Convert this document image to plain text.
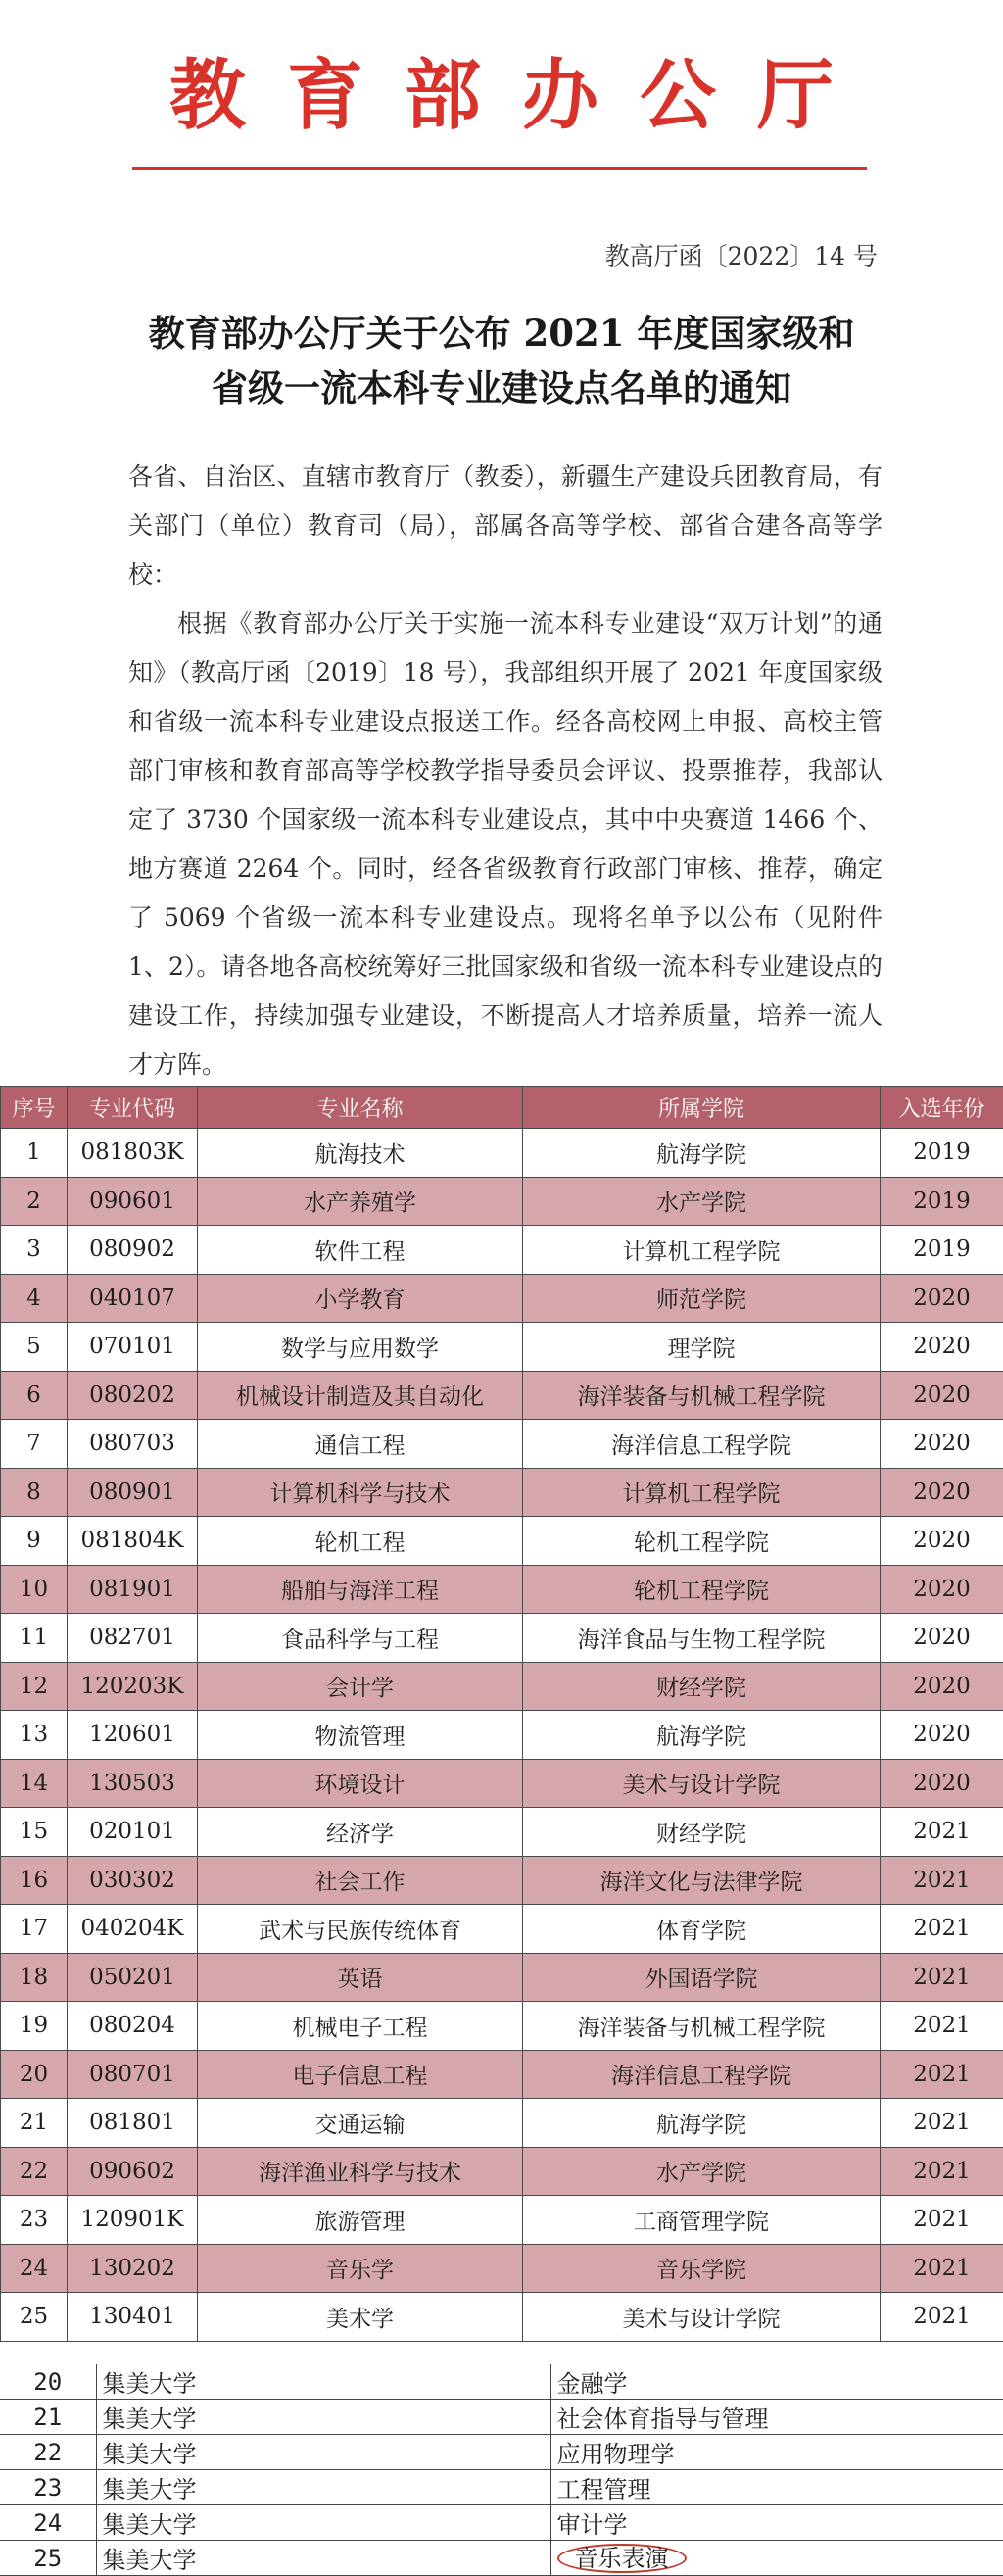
教育部办公厅
教高厅函〔2022〕14 号
教育部办公厅关于公布 2021 年度国家级和
省级一流本科专业建设点名单的通知

各省、自治区、直辖市教育厅（教委），新疆生产建设兵团教育局，有关部门（单位）教育司（局），部属各高等学校、部省合建各高等学校：

根据《教育部办公厅关于实施一流本科专业建设“双万计划”的通知》（教高厅函〔2019〕18 号），我部组织开展了 2021 年度国家级和省级一流本科专业建设点报送工作。经各高校网上申报、高校主管部门审核和教育部高等学校教学指导委员会评议、投票推荐，我部认定了 3730 个国家级一流本科专业建设点，其中中央赛道 1466 个、地方赛道 2264 个。同时，经各省级教育行政部门审核、推荐，确定了 5069 个省级一流本科专业建设点。现将名单予以公布（见附件 1、2）。请各地各高校统筹好三批国家级和省级一流本科专业建设点的建设工作，持续加强专业建设，不断提高人才培养质量，培养一流人才方阵。

序号	专业代码	专业名称	所属学院	入选年份
1	081803K	航海技术	航海学院	2019
2	090601	水产养殖学	水产学院	2019
3	080902	软件工程	计算机工程学院	2019
4	040107	小学教育	师范学院	2020
5	070101	数学与应用数学	理学院	2020
6	080202	机械设计制造及其自动化	海洋装备与机械工程学院	2020
7	080703	通信工程	海洋信息工程学院	2020
8	080901	计算机科学与技术	计算机工程学院	2020
9	081804K	轮机工程	轮机工程学院	2020
10	081901	船舶与海洋工程	轮机工程学院	2020
11	082701	食品科学与工程	海洋食品与生物工程学院	2020
12	120203K	会计学	财经学院	2020
13	120601	物流管理	航海学院	2020
14	130503	环境设计	美术与设计学院	2020
15	020101	经济学	财经学院	2021
16	030302	社会工作	海洋文化与法律学院	2021
17	040204K	武术与民族传统体育	体育学院	2021
18	050201	英语	外国语学院	2021
19	080204	机械电子工程	海洋装备与机械工程学院	2021
20	080701	电子信息工程	海洋信息工程学院	2021
21	081801	交通运输	航海学院	2021
22	090602	海洋渔业科学与技术	水产学院	2021
23	120901K	旅游管理	工商管理学院	2021
24	130202	音乐学	音乐学院	2021
25	130401	美术学	美术与设计学院	2021
20	集美大学	金融学
21	集美大学	社会体育指导与管理
22	集美大学	应用物理学
23	集美大学	工程管理
24	集美大学	审计学
25	集美大学	音乐表演
